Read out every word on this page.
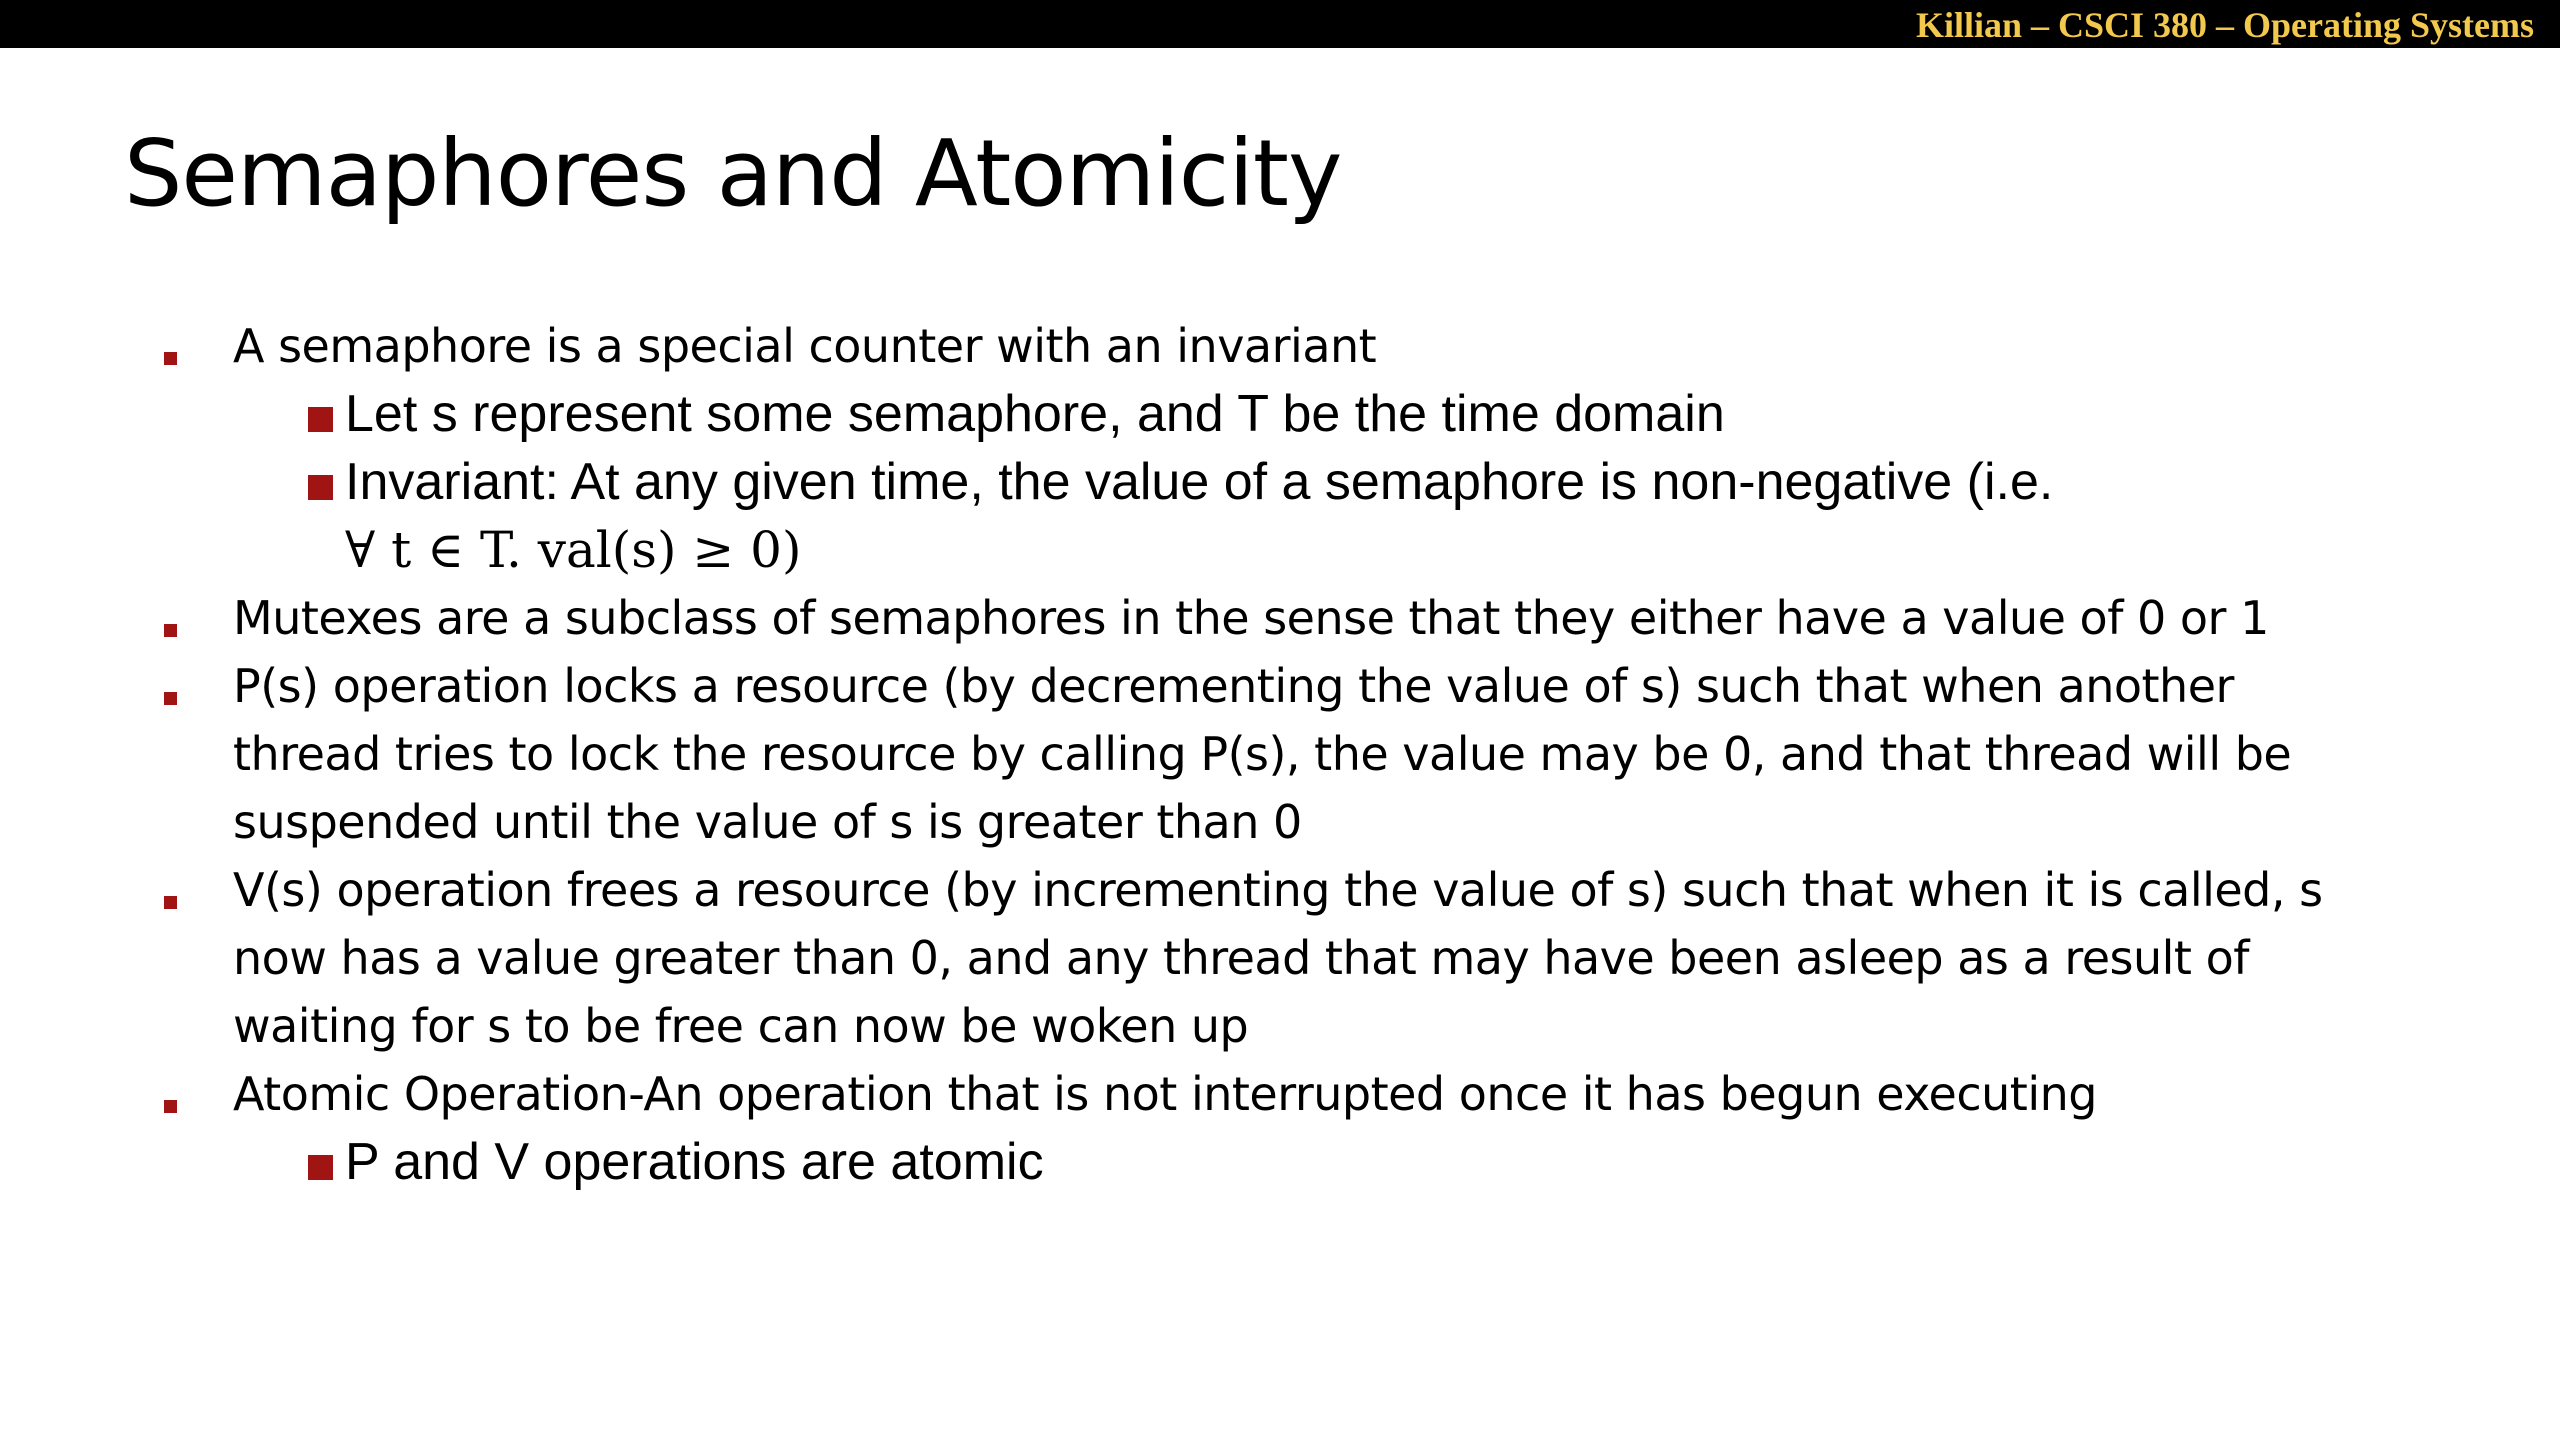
Killian – CSCI 380 – Operating Systems
Semaphores and Atomicity
A semaphore is a special counter with an invariant
Let s represent some semaphore, and T be the time domain
Invariant: At any given time, the value of a semaphore is non-negative (i.e.
∀ t ∈ T. val(s) ≥ 0)
Mutexes are a subclass of semaphores in the sense that they either have a value of 0 or 1
P(s) operation locks a resource (by decrementing the value of s) such that when another thread tries to lock the resource by calling P(s), the value may be 0, and that thread will be suspended until the value of s is greater than 0
V(s) operation frees a resource (by incrementing the value of s) such that when it is called, s now has a value greater than 0, and any thread that may have been asleep as a result of waiting for s to be free can now be woken up
Atomic Operation-An operation that is not interrupted once it has begun executing
P and V operations are atomic
